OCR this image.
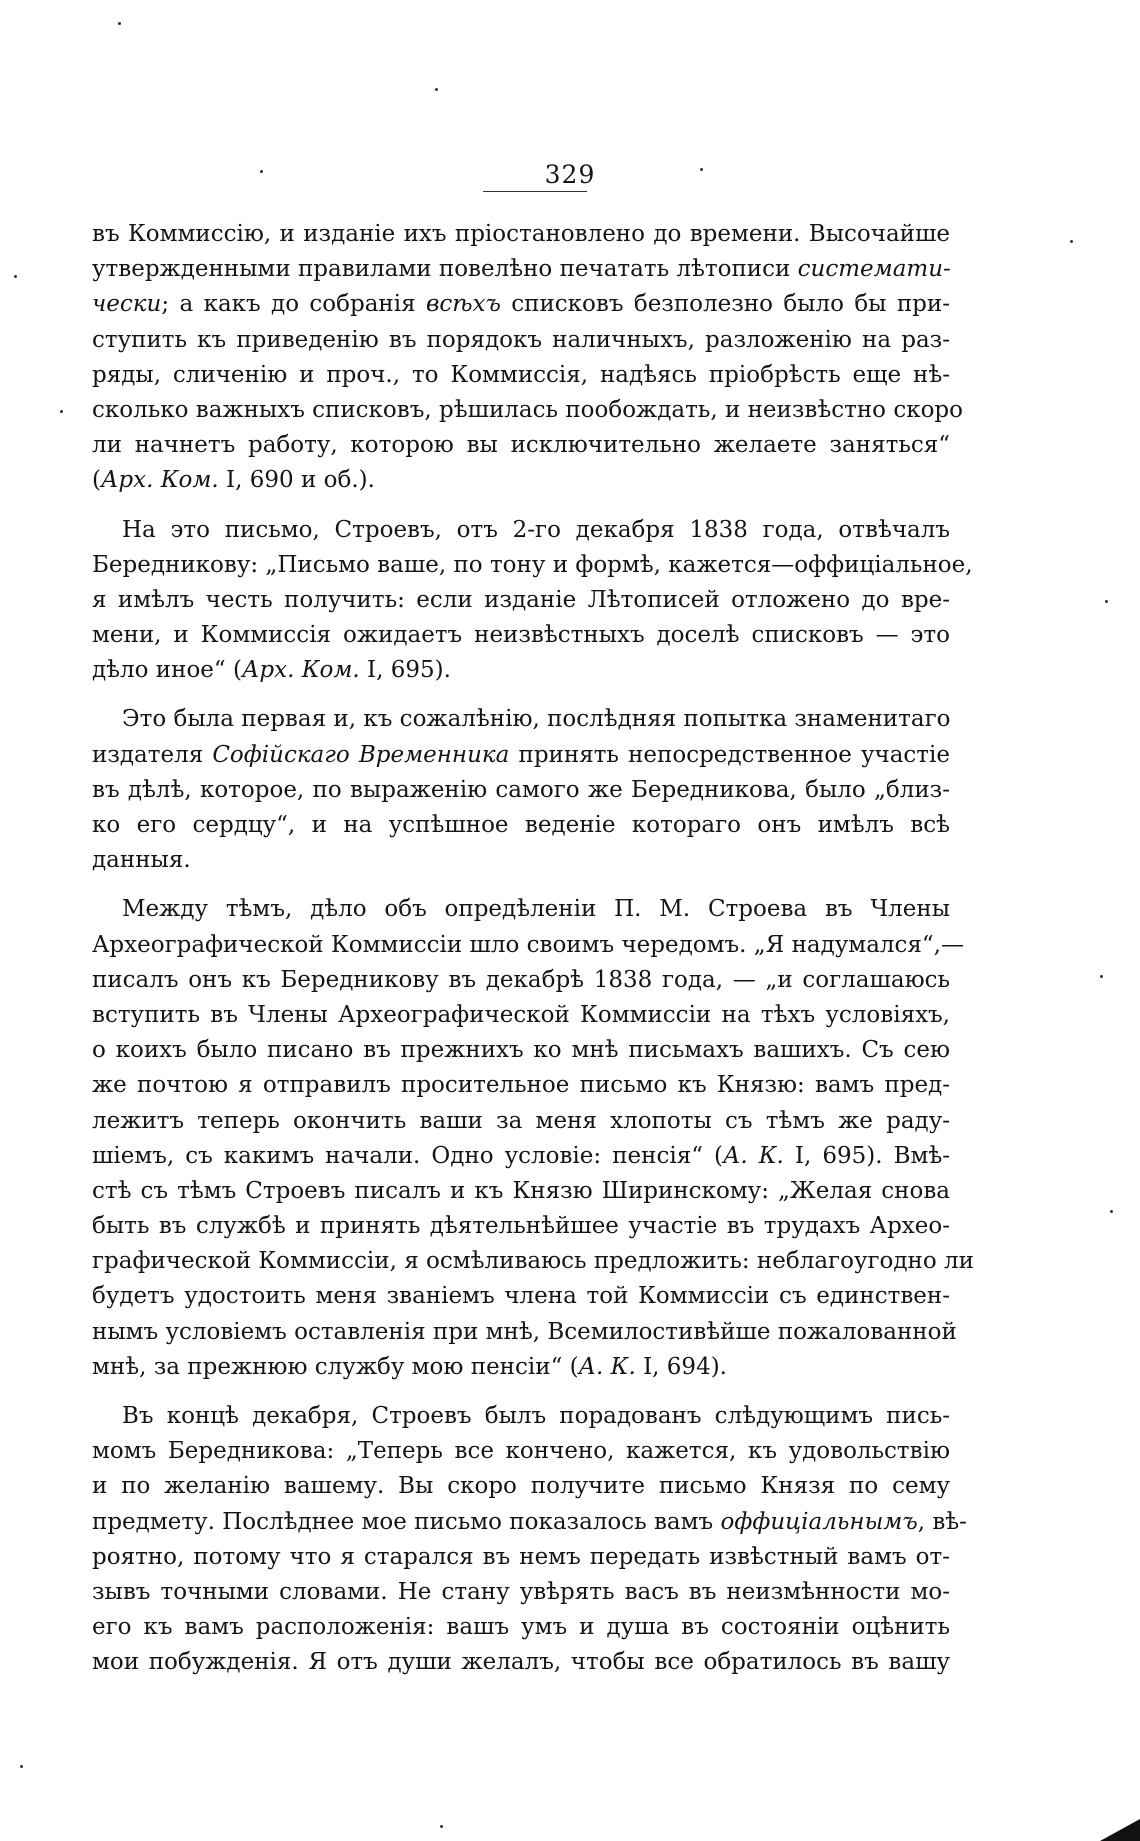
329
въ Коммиссію, и изданіе ихъ пріостановлено до времени. Высочайше
утвержденными правилами повелѣно печатать лѣтописи системати-
чески; а какъ до собранія всѣхъ списковъ безполезно было бы при-
ступить къ приведенію въ порядокъ наличныхъ, разложенію на раз-
ряды, сличенію и проч., то Коммиссія, надѣясь пріобрѣсть еще нѣ-
сколько важныхъ списковъ, рѣшилась пообождать, и неизвѣстно скоро
ли начнетъ работу, которою вы исключительно желаете заняться“
(Арх. Ком. I, 690 и об.).
На это письмо, Строевъ, отъ 2-го декабря 1838 года, отвѣчалъ
Бередникову: „Письмо ваше, по тону и формѣ, кажется—оффиціальное,
я имѣлъ честь получить: если изданіе Лѣтописей отложено до вре-
мени, и Коммиссія ожидаетъ неизвѣстныхъ доселѣ списковъ — это
дѣло иное“ (Арх. Ком. I, 695).
Это была первая и, къ сожалѣнію, послѣдняя попытка знаменитаго
издателя Софійскаго Временника принять непосредственное участіе
въ дѣлѣ, которое, по выраженію самого же Бередникова, было „близ-
ко его сердцу“, и на успѣшное веденіе котораго онъ имѣлъ всѣ
данныя.
Между тѣмъ, дѣло объ опредѣленіи П. М. Строева въ Члены
Археографической Коммиссіи шло своимъ чередомъ. „Я надумался“,—
писалъ онъ къ Бередникову въ декабрѣ 1838 года, — „и соглашаюсь
вступить въ Члены Археографической Коммиссіи на тѣхъ условіяхъ,
о коихъ было писано въ прежнихъ ко мнѣ письмахъ вашихъ. Съ сею
же почтою я отправилъ просительное письмо къ Князю: вамъ пред-
лежитъ теперь окончить ваши за меня хлопоты съ тѣмъ же раду-
шіемъ, съ какимъ начали. Одно условіе: пенсія“ (А. К. I, 695). Вмѣ-
стѣ съ тѣмъ Строевъ писалъ и къ Князю Ширинскому: „Желая снова
быть въ службѣ и принять дѣятельнѣйшее участіе въ трудахъ Архео-
графической Коммиссіи, я осмѣливаюсь предложить: неблагоугодно ли
будетъ удостоить меня званіемъ члена той Коммиссіи съ единствен-
нымъ условіемъ оставленія при мнѣ, Всемилостивѣйше пожалованной
мнѣ, за прежнюю службу мою пенсіи“ (А. К. I, 694).
Въ концѣ декабря, Строевъ былъ порадованъ слѣдующимъ пись-
момъ Бередникова: „Теперь все кончено, кажется, къ удовольствію
и по желанію вашему. Вы скоро получите письмо Князя по сему
предмету. Послѣднее мое письмо показалось вамъ оффиціальнымъ, вѣ-
роятно, потому что я старался въ немъ передать извѣстный вамъ от-
зывъ точными словами. Не стану увѣрять васъ въ неизмѣнности мо-
его къ вамъ расположенія: вашъ умъ и душа въ состояніи оцѣнить
мои побужденія. Я отъ души желалъ, чтобы все обратилось въ вашу
